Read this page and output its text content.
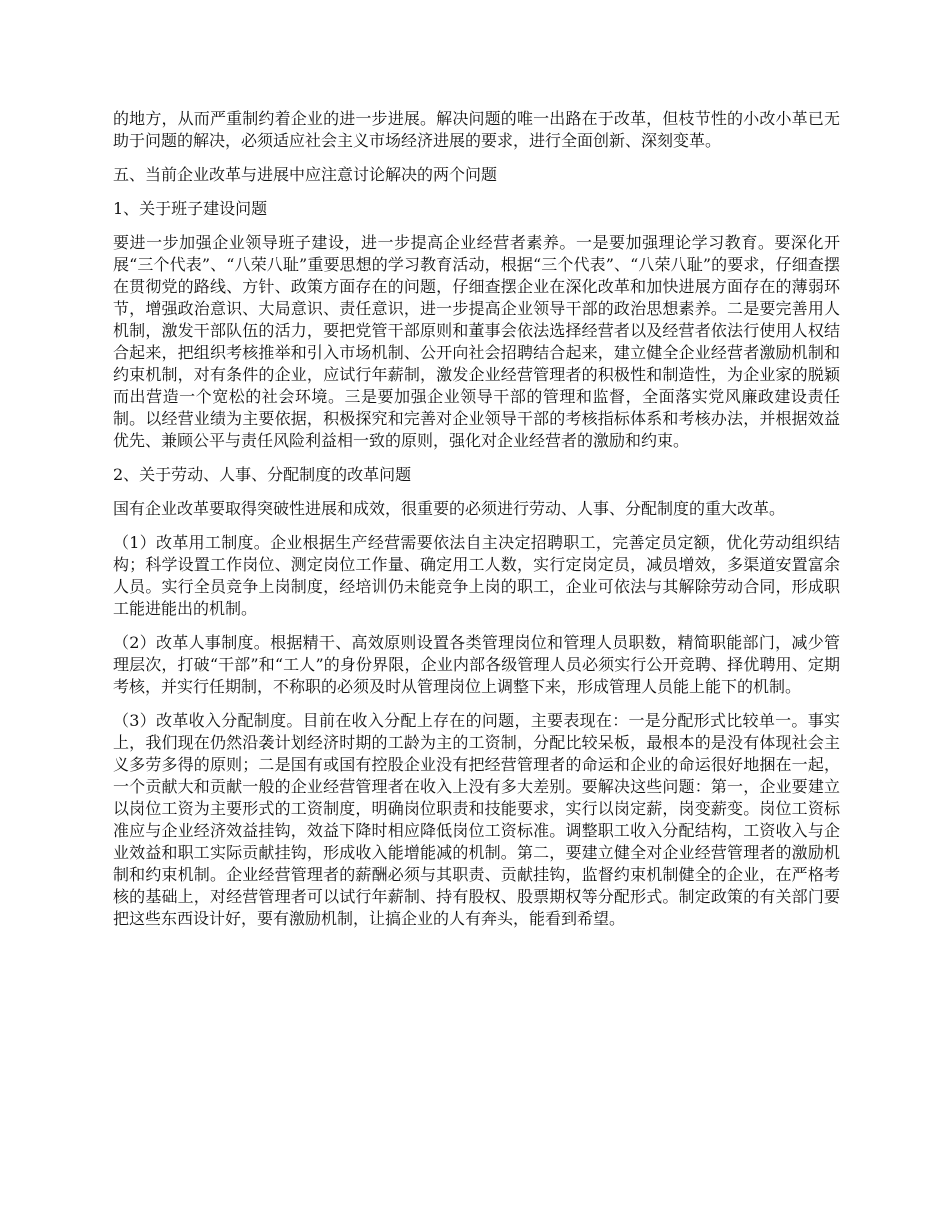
的地方，从而严重制约着企业的进一步进展。解决问题的唯一出路在于改革，但枝节性的小改小革已无助于问题的解决，必须适应社会主义市场经济进展的要求，进行全面创新、深刻变革。

五、当前企业改革与进展中应注意讨论解决的两个问题

1、关于班子建设问题

要进一步加强企业领导班子建设，进一步提高企业经营者素养。一是要加强理论学习教育。要深化开展“三个代表”、“八荣八耻”重要思想的学习教育活动，根据“三个代表”、“八荣八耻”的要求，仔细查摆在贯彻党的路线、方针、政策方面存在的问题，仔细查摆企业在深化改革和加快进展方面存在的薄弱环节，增强政治意识、大局意识、责任意识，进一步提高企业领导干部的政治思想素养。二是要完善用人机制，激发干部队伍的活力，要把党管干部原则和董事会依法选择经营者以及经营者依法行使用人权结合起来，把组织考核推举和引入市场机制、公开向社会招聘结合起来，建立健全企业经营者激励机制和约束机制，对有条件的企业，应试行年薪制，激发企业经营管理者的积极性和制造性，为企业家的脱颖而出营造一个宽松的社会环境。三是要加强企业领导干部的管理和监督，全面落实党风廉政建设责任制。以经营业绩为主要依据，积极探究和完善对企业领导干部的考核指标体系和考核办法，并根据效益优先、兼顾公平与责任风险利益相一致的原则，强化对企业经营者的激励和约束。

2、关于劳动、人事、分配制度的改革问题

国有企业改革要取得突破性进展和成效，很重要的必须进行劳动、人事、分配制度的重大改革。

（1）改革用工制度。企业根据生产经营需要依法自主决定招聘职工，完善定员定额，优化劳动组织结构；科学设置工作岗位、测定岗位工作量、确定用工人数，实行定岗定员，减员增效，多渠道安置富余人员。实行全员竞争上岗制度，经培训仍未能竞争上岗的职工，企业可依法与其解除劳动合同，形成职工能进能出的机制。

（2）改革人事制度。根据精干、高效原则设置各类管理岗位和管理人员职数，精简职能部门，减少管理层次，打破“干部”和“工人”的身份界限，企业内部各级管理人员必须实行公开竞聘、择优聘用、定期考核，并实行任期制，不称职的必须及时从管理岗位上调整下来，形成管理人员能上能下的机制。

（3）改革收入分配制度。目前在收入分配上存在的问题，主要表现在：一是分配形式比较单一。事实上，我们现在仍然沿袭计划经济时期的工龄为主的工资制，分配比较呆板，最根本的是没有体现社会主义多劳多得的原则；二是国有或国有控股企业没有把经营管理者的命运和企业的命运很好地捆在一起，一个贡献大和贡献一般的企业经营管理者在收入上没有多大差别。要解决这些问题：第一，企业要建立以岗位工资为主要形式的工资制度，明确岗位职责和技能要求，实行以岗定薪，岗变薪变。岗位工资标准应与企业经济效益挂钩，效益下降时相应降低岗位工资标准。调整职工收入分配结构，工资收入与企业效益和职工实际贡献挂钩，形成收入能增能减的机制。第二，要建立健全对企业经营管理者的激励机制和约束机制。企业经营管理者的薪酬必须与其职责、贡献挂钩，监督约束机制健全的企业，在严格考核的基础上，对经营管理者可以试行年薪制、持有股权、股票期权等分配形式。制定政策的有关部门要把这些东西设计好，要有激励机制，让搞企业的人有奔头，能看到希望。
